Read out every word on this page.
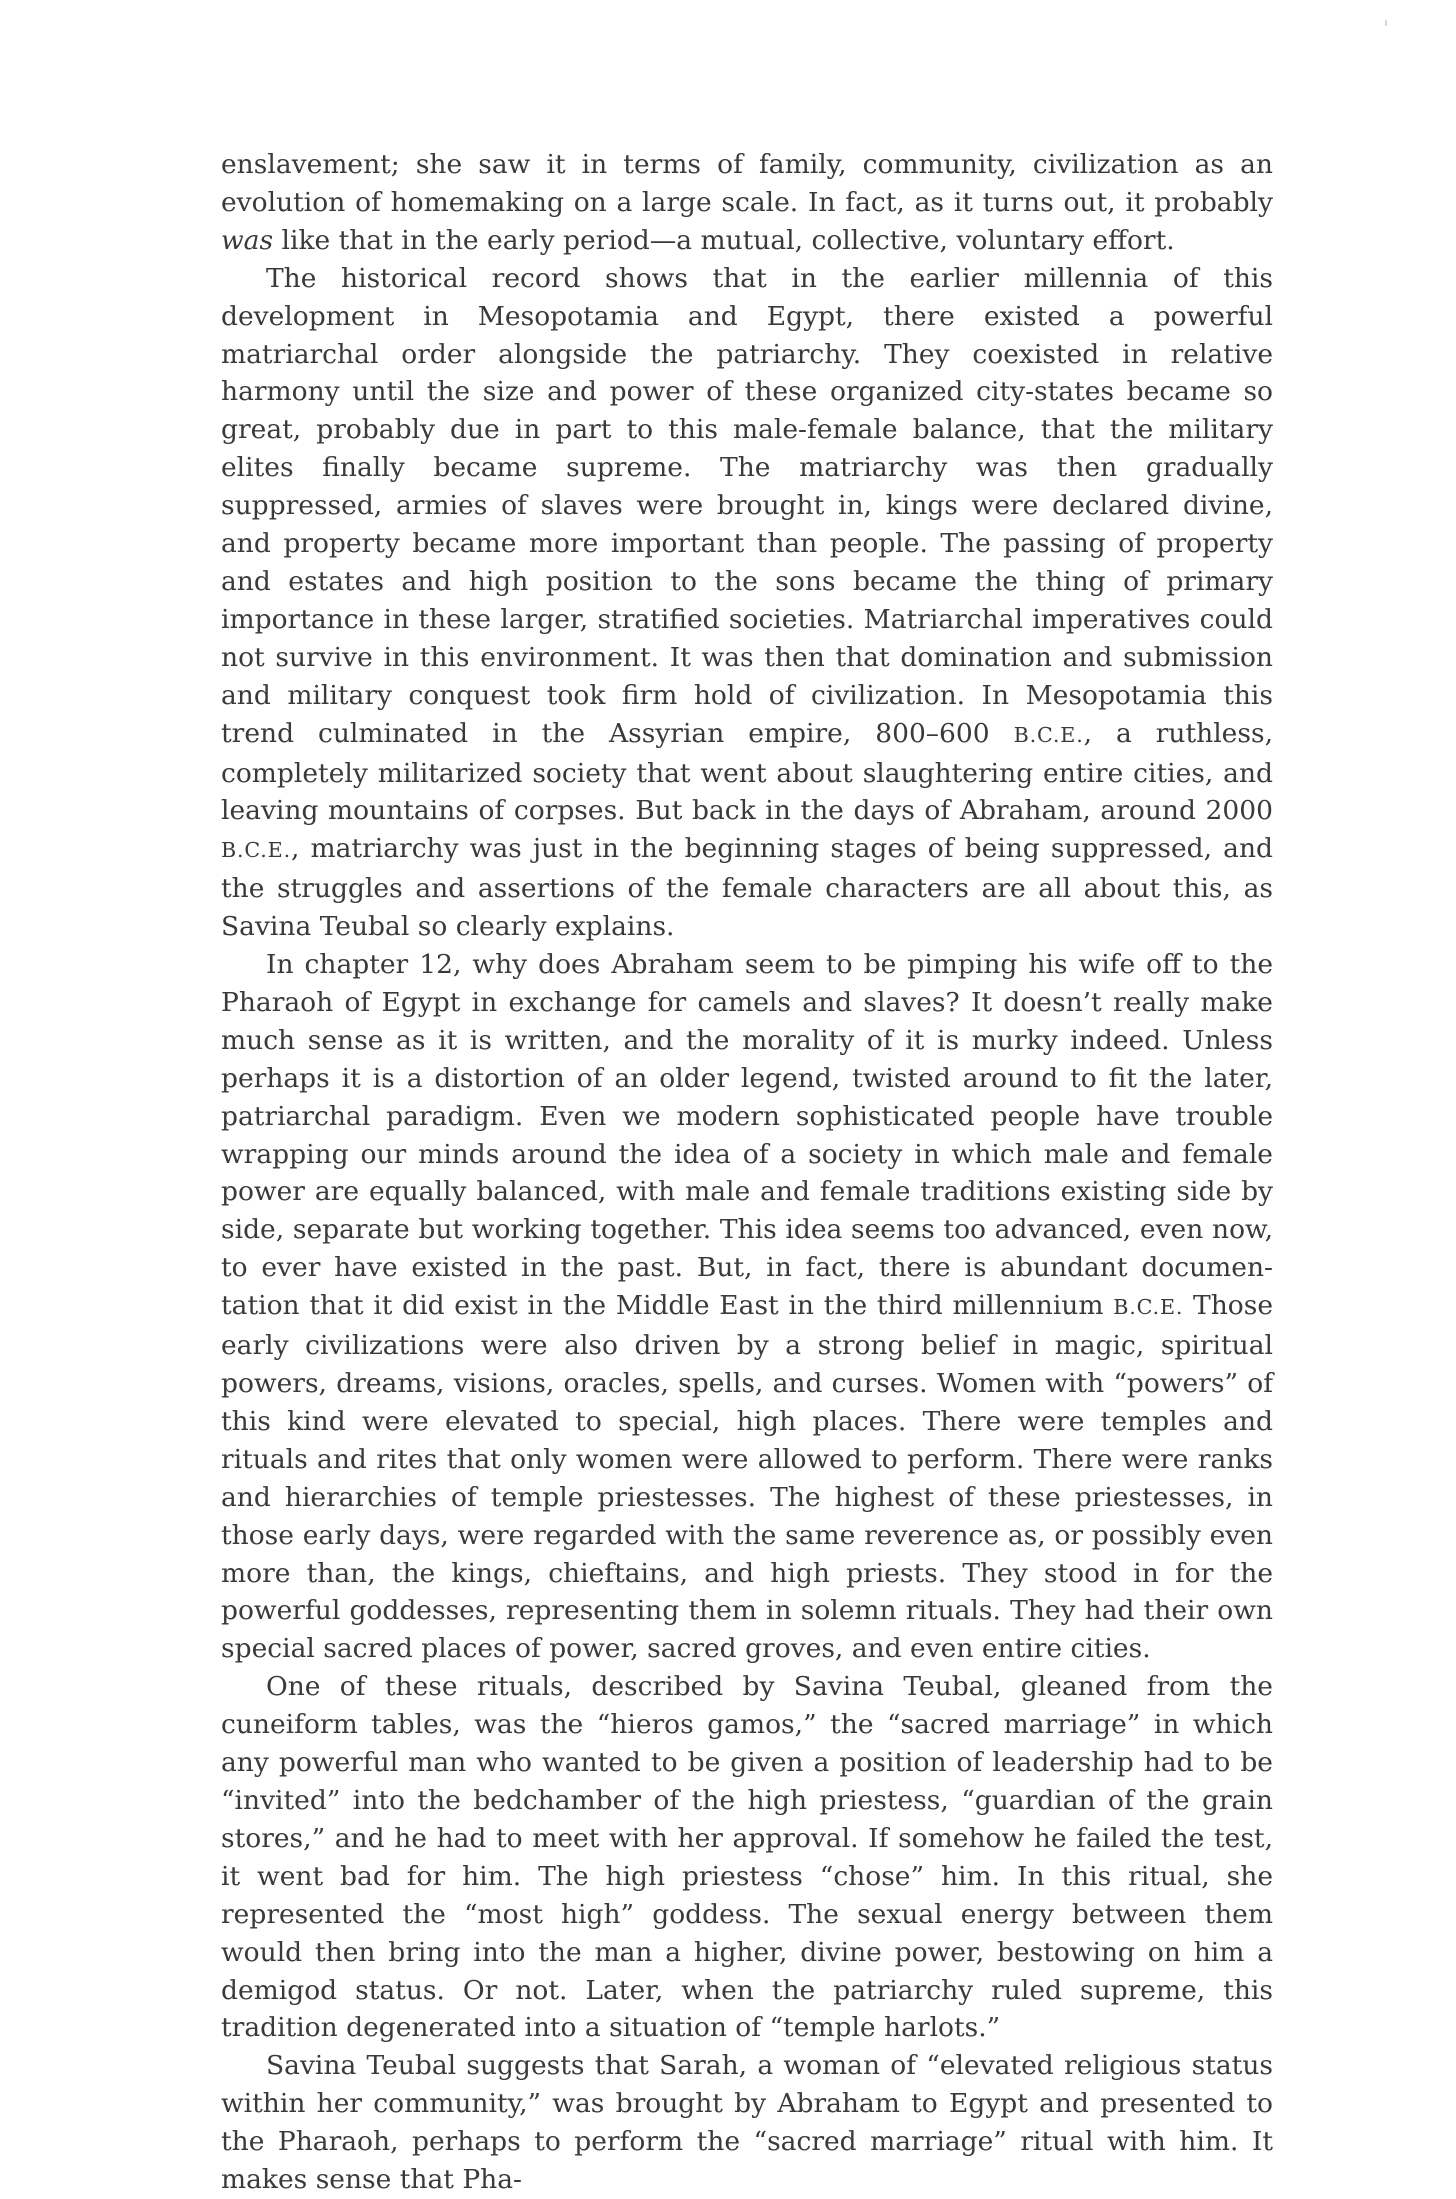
enslavement; she saw it in terms of family, community, civilization as an evolution of homemaking on a large scale. In fact, as it turns out, it probably was like that in the early period—a mutual, collective, voluntary effort.

The historical record shows that in the earlier millennia of this development in Mesopotamia and Egypt, there existed a powerful matriarchal order alongside the patriarchy. They coexisted in relative harmony until the size and power of these organized city-states became so great, probably due in part to this male-female balance, that the military elites finally became supreme. The matriarchy was then gradually suppressed, armies of slaves were brought in, kings were declared divine, and property became more important than people. The passing of property and estates and high position to the sons became the thing of primary importance in these larger, stratified societies. Matriarchal imperatives could not survive in this environment. It was then that domination and submission and military conquest took firm hold of civilization. In Mesopotamia this trend culminated in the Assyrian empire, 800–600 B.C.E., a ruthless, completely militarized society that went about slaughtering entire cities, and leaving mountains of corpses. But back in the days of Abraham, around 2000 B.C.E., matriarchy was just in the beginning stages of being suppressed, and the struggles and assertions of the female characters are all about this, as Savina Teubal so clearly explains.

In chapter 12, why does Abraham seem to be pimping his wife off to the Pharaoh of Egypt in exchange for camels and slaves? It doesn’t really make much sense as it is written, and the morality of it is murky indeed. Unless perhaps it is a distortion of an older legend, twisted around to fit the later, patriarchal paradigm. Even we modern sophisticated people have trouble wrapping our minds around the idea of a society in which male and female power are equally balanced, with male and female traditions existing side by side, separate but working together. This idea seems too advanced, even now, to ever have existed in the past. But, in fact, there is abundant documentation that it did exist in the Middle East in the third millennium B.C.E. Those early civilizations were also driven by a strong belief in magic, spiritual powers, dreams, visions, oracles, spells, and curses. Women with “powers” of this kind were elevated to special, high places. There were temples and rituals and rites that only women were allowed to perform. There were ranks and hierarchies of temple priestesses. The highest of these priestesses, in those early days, were regarded with the same reverence as, or possibly even more than, the kings, chieftains, and high priests. They stood in for the powerful goddesses, representing them in solemn rituals. They had their own special sacred places of power, sacred groves, and even entire cities.

One of these rituals, described by Savina Teubal, gleaned from the cuneiform tables, was the “hieros gamos,” the “sacred marriage” in which any powerful man who wanted to be given a position of leadership had to be “invited” into the bedchamber of the high priestess, “guardian of the grain stores,” and he had to meet with her approval. If somehow he failed the test, it went bad for him. The high priestess “chose” him. In this ritual, she represented the “most high” goddess. The sexual energy between them would then bring into the man a higher, divine power, bestowing on him a demigod status. Or not. Later, when the patriarchy ruled supreme, this tradition degenerated into a situation of “temple harlots.”

Savina Teubal suggests that Sarah, a woman of “elevated religious status within her community,” was brought by Abraham to Egypt and presented to the Pharaoh, perhaps to perform the “sacred marriage” ritual with him. It makes sense that Pha-
